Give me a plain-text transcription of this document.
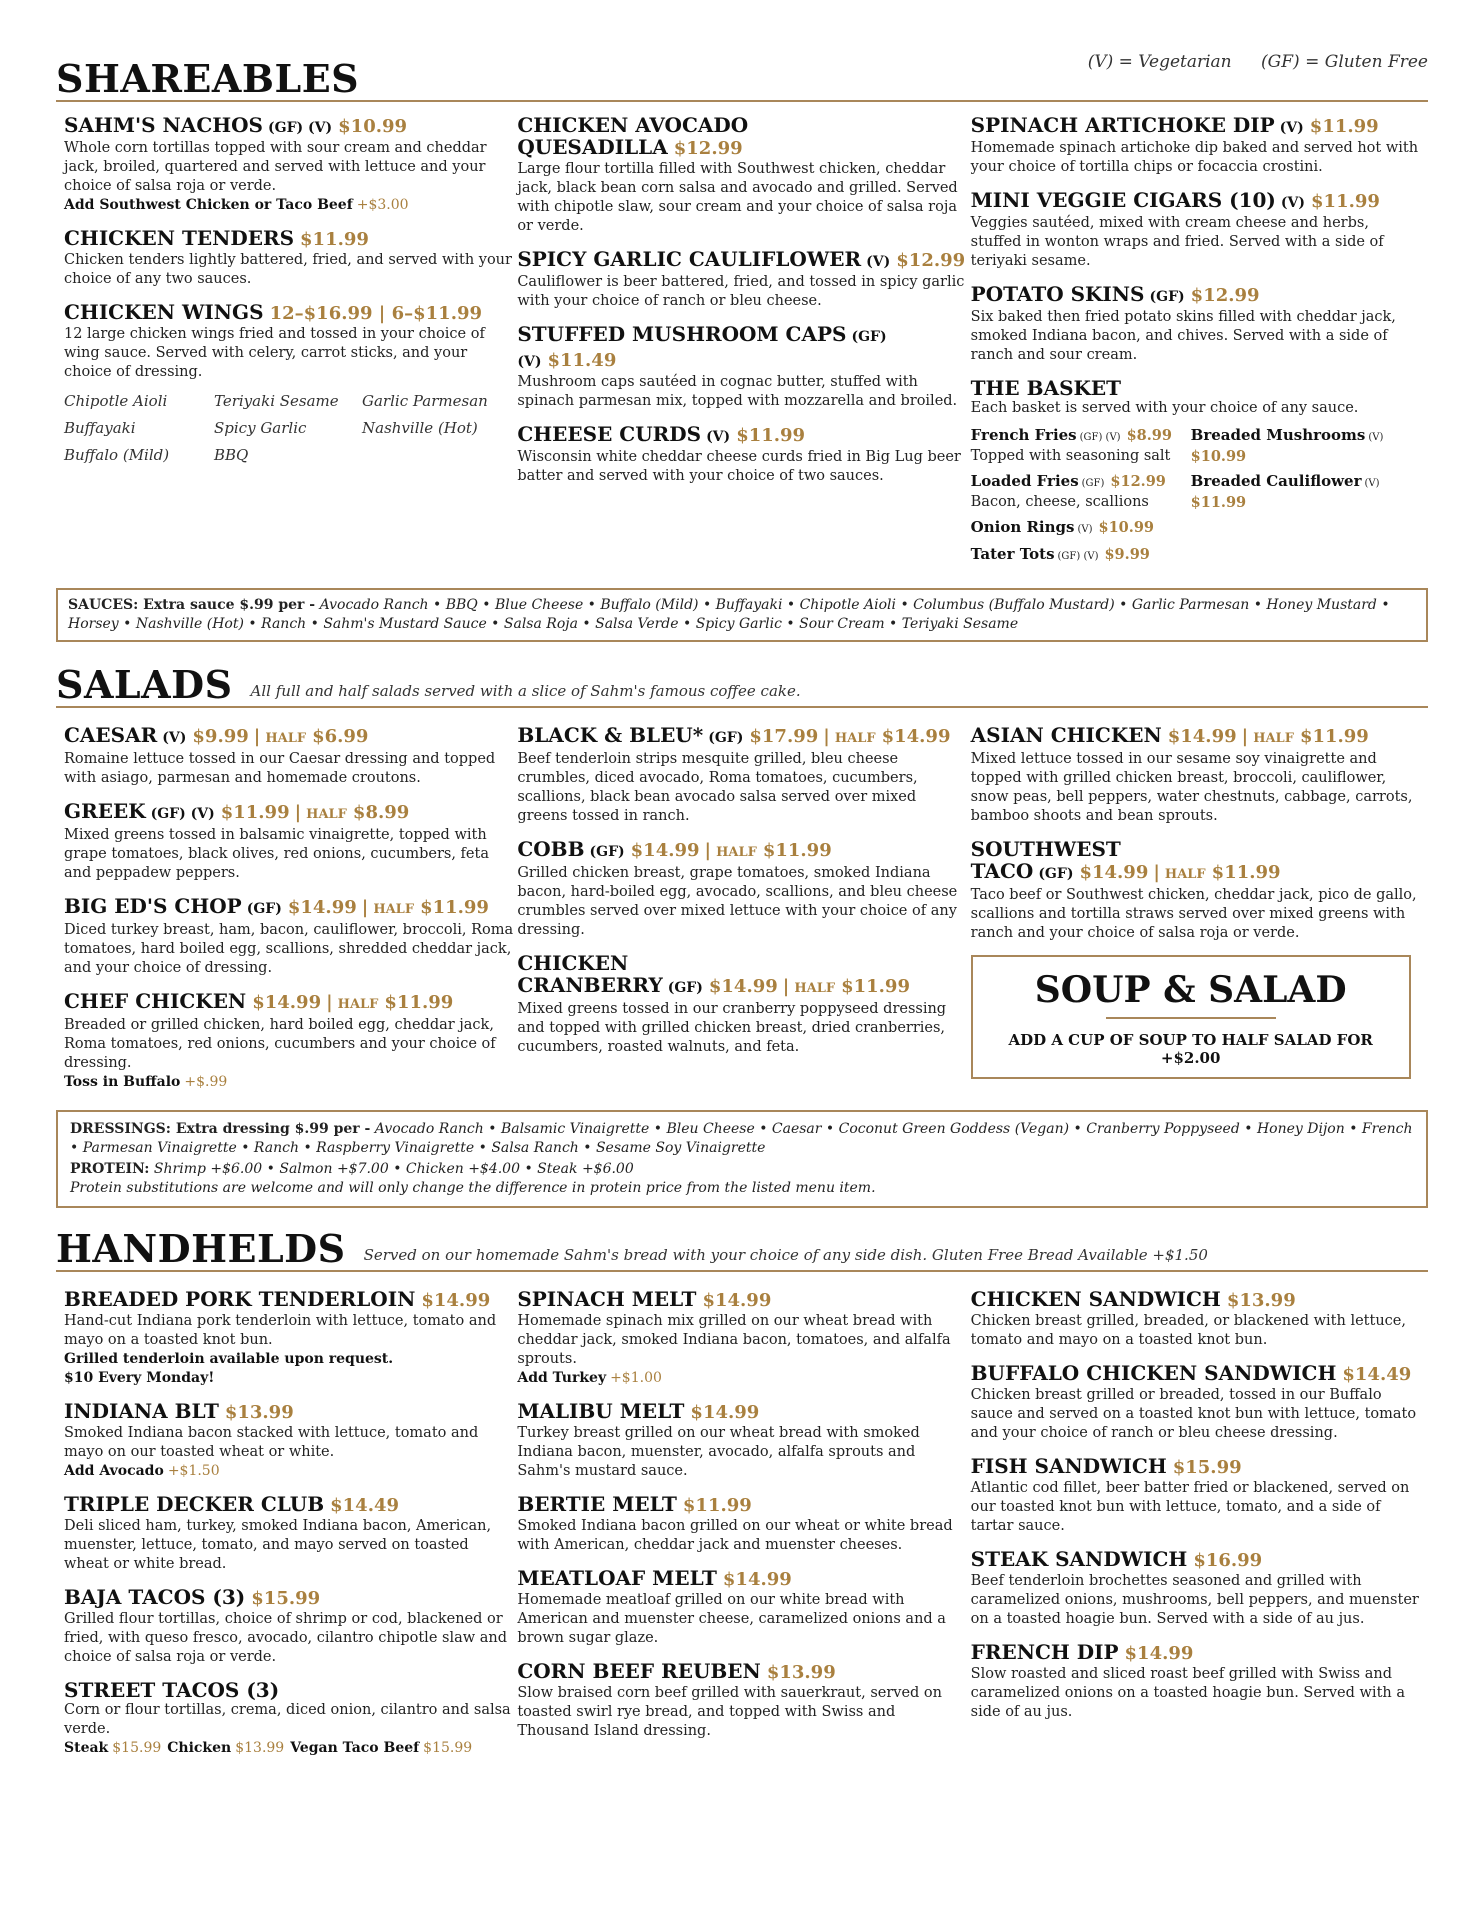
SHAREABLES	(V) = Vegetarian (GF) = Gluten Free
SAHM'S NACHOS (GF) (V) $10.99
Whole corn tortillas topped with sour cream and cheddar jack, broiled, quartered and served with lettuce and your choice of salsa roja or verde.
Add Southwest Chicken or Taco Beef +$3.00
CHICKEN TENDERS $11.99
Chicken tenders lightly battered, fried, and served with your choice of any two sauces.
CHICKEN WINGS 12–$16.99 | 6–$11.99
12 large chicken wings fried and tossed in your choice of wing sauce. Served with celery, carrot sticks, and your choice of dressing.
Chipotle Aioli	Teriyaki Sesame	Garlic Parmesan
Buffayaki	Spicy Garlic	Nashville (Hot)
Buffalo (Mild)	BBQ
CHICKEN AVOCADO QUESADILLA $12.99
Large flour tortilla filled with Southwest chicken, cheddar jack, black bean corn salsa and avocado and grilled. Served with chipotle slaw, sour cream and your choice of salsa roja or verde.
SPICY GARLIC CAULIFLOWER (V) $12.99
Cauliflower is beer battered, fried, and tossed in spicy garlic with your choice of ranch or bleu cheese.
STUFFED MUSHROOM CAPS (GF) (V) $11.49
Mushroom caps sautéed in cognac butter, stuffed with spinach parmesan mix, topped with mozzarella and broiled.
CHEESE CURDS (V) $11.99
Wisconsin white cheddar cheese curds fried in Big Lug beer batter and served with your choice of two sauces.
SPINACH ARTICHOKE DIP (V) $11.99
Homemade spinach artichoke dip baked and served hot with your choice of tortilla chips or focaccia crostini.
MINI VEGGIE CIGARS (10) (V) $11.99
Veggies sautéed, mixed with cream cheese and herbs, stuffed in wonton wraps and fried. Served with a side of teriyaki sesame.
POTATO SKINS (GF) $12.99
Six baked then fried potato skins filled with cheddar jack, smoked Indiana bacon, and chives. Served with a side of ranch and sour cream.
THE BASKET
Each basket is served with your choice of any sauce.
French Fries (GF) (V) $8.99
Topped with seasoning salt
Loaded Fries (GF) $12.99
Bacon, cheese, scallions
Onion Rings (V) $10.99
Tater Tots (GF) (V) $9.99
Breaded Mushrooms (V)
$10.99
Breaded Cauliflower (V)
$11.99
SAUCES: Extra sauce $.99 per - Avocado Ranch • BBQ • Blue Cheese • Buffalo (Mild) • Buffayaki • Chipotle Aioli • Columbus (Buffalo Mustard) • Garlic Parmesan • Honey Mustard • Horsey • Nashville (Hot) • Ranch • Sahm's Mustard Sauce • Salsa Roja • Salsa Verde • Spicy Garlic • Sour Cream • Teriyaki Sesame
SALADS All full and half salads served with a slice of Sahm's famous coffee cake.
CAESAR (V) $9.99 | HALF $6.99
Romaine lettuce tossed in our Caesar dressing and topped with asiago, parmesan and homemade croutons.
GREEK (GF) (V) $11.99 | HALF $8.99
Mixed greens tossed in balsamic vinaigrette, topped with grape tomatoes, black olives, red onions, cucumbers, feta and peppadew peppers.
BIG ED'S CHOP (GF) $14.99 | HALF $11.99
Diced turkey breast, ham, bacon, cauliflower, broccoli, Roma tomatoes, hard boiled egg, scallions, shredded cheddar jack, and your choice of dressing.
CHEF CHICKEN $14.99 | HALF $11.99
Breaded or grilled chicken, hard boiled egg, cheddar jack, Roma tomatoes, red onions, cucumbers and your choice of dressing.
Toss in Buffalo +$.99
BLACK & BLEU* (GF) $17.99 | HALF $14.99
Beef tenderloin strips mesquite grilled, bleu cheese crumbles, diced avocado, Roma tomatoes, cucumbers, scallions, black bean avocado salsa served over mixed greens tossed in ranch.
COBB (GF) $14.99 | HALF $11.99
Grilled chicken breast, grape tomatoes, smoked Indiana bacon, hard-boiled egg, avocado, scallions, and bleu cheese crumbles served over mixed lettuce with your choice of any dressing.
CHICKEN CRANBERRY (GF) $14.99 | HALF $11.99
Mixed greens tossed in our cranberry poppyseed dressing and topped with grilled chicken breast, dried cranberries, cucumbers, roasted walnuts, and feta.
ASIAN CHICKEN $14.99 | HALF $11.99
Mixed lettuce tossed in our sesame soy vinaigrette and topped with grilled chicken breast, broccoli, cauliflower, snow peas, bell peppers, water chestnuts, cabbage, carrots, bamboo shoots and bean sprouts.
SOUTHWEST TACO (GF) $14.99 | HALF $11.99
Taco beef or Southwest chicken, cheddar jack, pico de gallo, scallions and tortilla straws served over mixed greens with ranch and your choice of salsa roja or verde.
SOUP & SALAD
ADD A CUP OF SOUP TO HALF SALAD FOR +$2.00
DRESSINGS: Extra dressing $.99 per - Avocado Ranch • Balsamic Vinaigrette • Bleu Cheese • Caesar • Coconut Green Goddess (Vegan) • Cranberry Poppyseed • Honey Dijon • French • Parmesan Vinaigrette • Ranch • Raspberry Vinaigrette • Salsa Ranch • Sesame Soy Vinaigrette
PROTEIN: Shrimp +$6.00 • Salmon +$7.00 • Chicken +$4.00 • Steak +$6.00
Protein substitutions are welcome and will only change the difference in protein price from the listed menu item.
HANDHELDS Served on our homemade Sahm's bread with your choice of any side dish. Gluten Free Bread Available +$1.50
BREADED PORK TENDERLOIN $14.99
Hand-cut Indiana pork tenderloin with lettuce, tomato and mayo on a toasted knot bun.
Grilled tenderloin available upon request.
$10 Every Monday!
INDIANA BLT $13.99
Smoked Indiana bacon stacked with lettuce, tomato and mayo on our toasted wheat or white.
Add Avocado +$1.50
TRIPLE DECKER CLUB $14.49
Deli sliced ham, turkey, smoked Indiana bacon, American, muenster, lettuce, tomato, and mayo served on toasted wheat or white bread.
BAJA TACOS (3) $15.99
Grilled flour tortillas, choice of shrimp or cod, blackened or fried, with queso fresco, avocado, cilantro chipotle slaw and choice of salsa roja or verde.
STREET TACOS (3)
Corn or flour tortillas, crema, diced onion, cilantro and salsa verde.
Steak $15.99 Chicken $13.99 Vegan Taco Beef $15.99
SPINACH MELT $14.99
Homemade spinach mix grilled on our wheat bread with cheddar jack, smoked Indiana bacon, tomatoes, and alfalfa sprouts.
Add Turkey +$1.00
MALIBU MELT $14.99
Turkey breast grilled on our wheat bread with smoked Indiana bacon, muenster, avocado, alfalfa sprouts and Sahm's mustard sauce.
BERTIE MELT $11.99
Smoked Indiana bacon grilled on our wheat or white bread with American, cheddar jack and muenster cheeses.
MEATLOAF MELT $14.99
Homemade meatloaf grilled on our white bread with American and muenster cheese, caramelized onions and a brown sugar glaze.
CORN BEEF REUBEN $13.99
Slow braised corn beef grilled with sauerkraut, served on toasted swirl rye bread, and topped with Swiss and Thousand Island dressing.
CHICKEN SANDWICH $13.99
Chicken breast grilled, breaded, or blackened with lettuce, tomato and mayo on a toasted knot bun.
BUFFALO CHICKEN SANDWICH $14.49
Chicken breast grilled or breaded, tossed in our Buffalo sauce and served on a toasted knot bun with lettuce, tomato and your choice of ranch or bleu cheese dressing.
FISH SANDWICH $15.99
Atlantic cod fillet, beer batter fried or blackened, served on our toasted knot bun with lettuce, tomato, and a side of tartar sauce.
STEAK SANDWICH $16.99
Beef tenderloin brochettes seasoned and grilled with caramelized onions, mushrooms, bell peppers, and muenster on a toasted hoagie bun. Served with a side of au jus.
FRENCH DIP $14.99
Slow roasted and sliced roast beef grilled with Swiss and caramelized onions on a toasted hoagie bun. Served with a side of au jus.
